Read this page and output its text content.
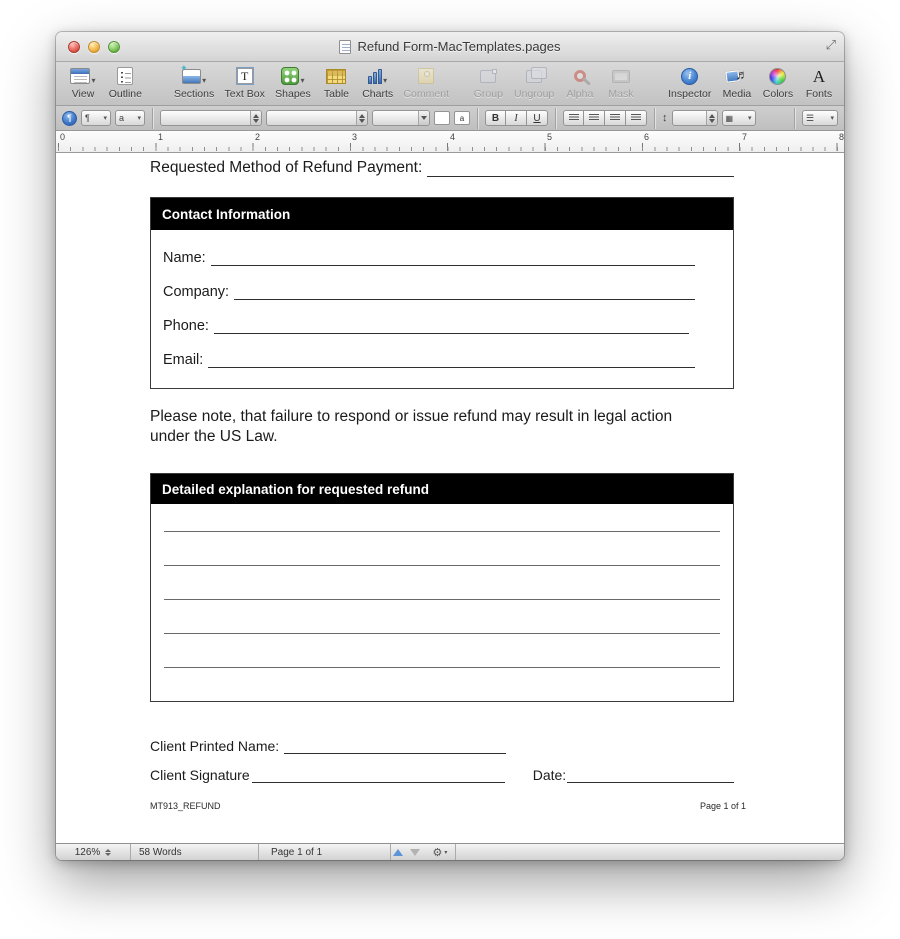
Refund Form-MacTemplates.pages	⤢
▾
View Outline
✦
▾
Sections
T
Text Box
▾
Shapes Table
▾
Charts Comment Group Ungroup Alpha Mask
i
Inspector
♬ Media Colors
A
Fonts
¶	¶ ▾ a ▾	a	B	I	U	↕	▦ ▾	☰ ▾
0	1	2	3	4	5	6	7	8
Requested Method of Refund Payment:
Contact Information
Name:
Company:
Phone:
Email:
Please note, that failure to respond or issue refund may result in legal action under the US Law.
Detailed explanation for requested refund
Client Printed Name:
Client Signature	Date:
MT913_REFUND	Page 1 of 1
126%	58 Words	Page 1 of 1	⚙ ▾
